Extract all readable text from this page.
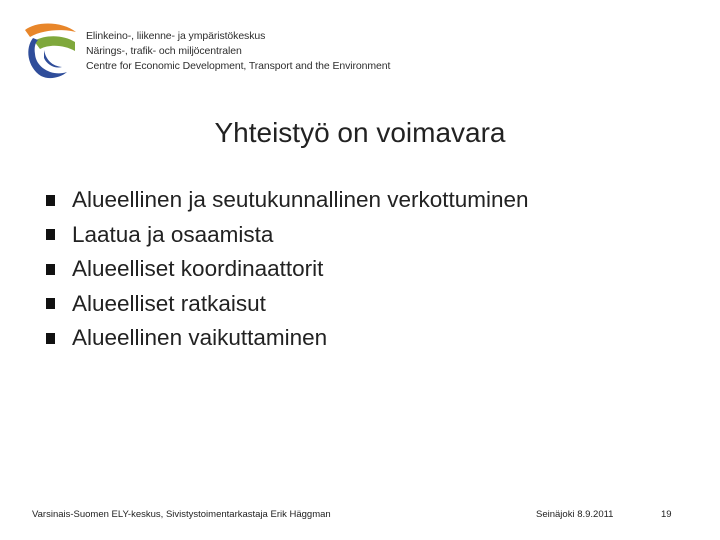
Elinkeino-, liikenne- ja ympäristökeskus
Närings-, trafik- och miljöcentralen
Centre for Economic Development, Transport and the Environment
Yhteistyö on voimavara
Alueellinen ja seutukunnallinen verkottuminen
Laatua ja osaamista
Alueelliset koordinaattorit
Alueelliset ratkaisut
Alueellinen vaikuttaminen
Varsinais-Suomen ELY-keskus, Sivistystoimentarkastaja Erik Häggman	Seinäjoki 8.9.2011	19
